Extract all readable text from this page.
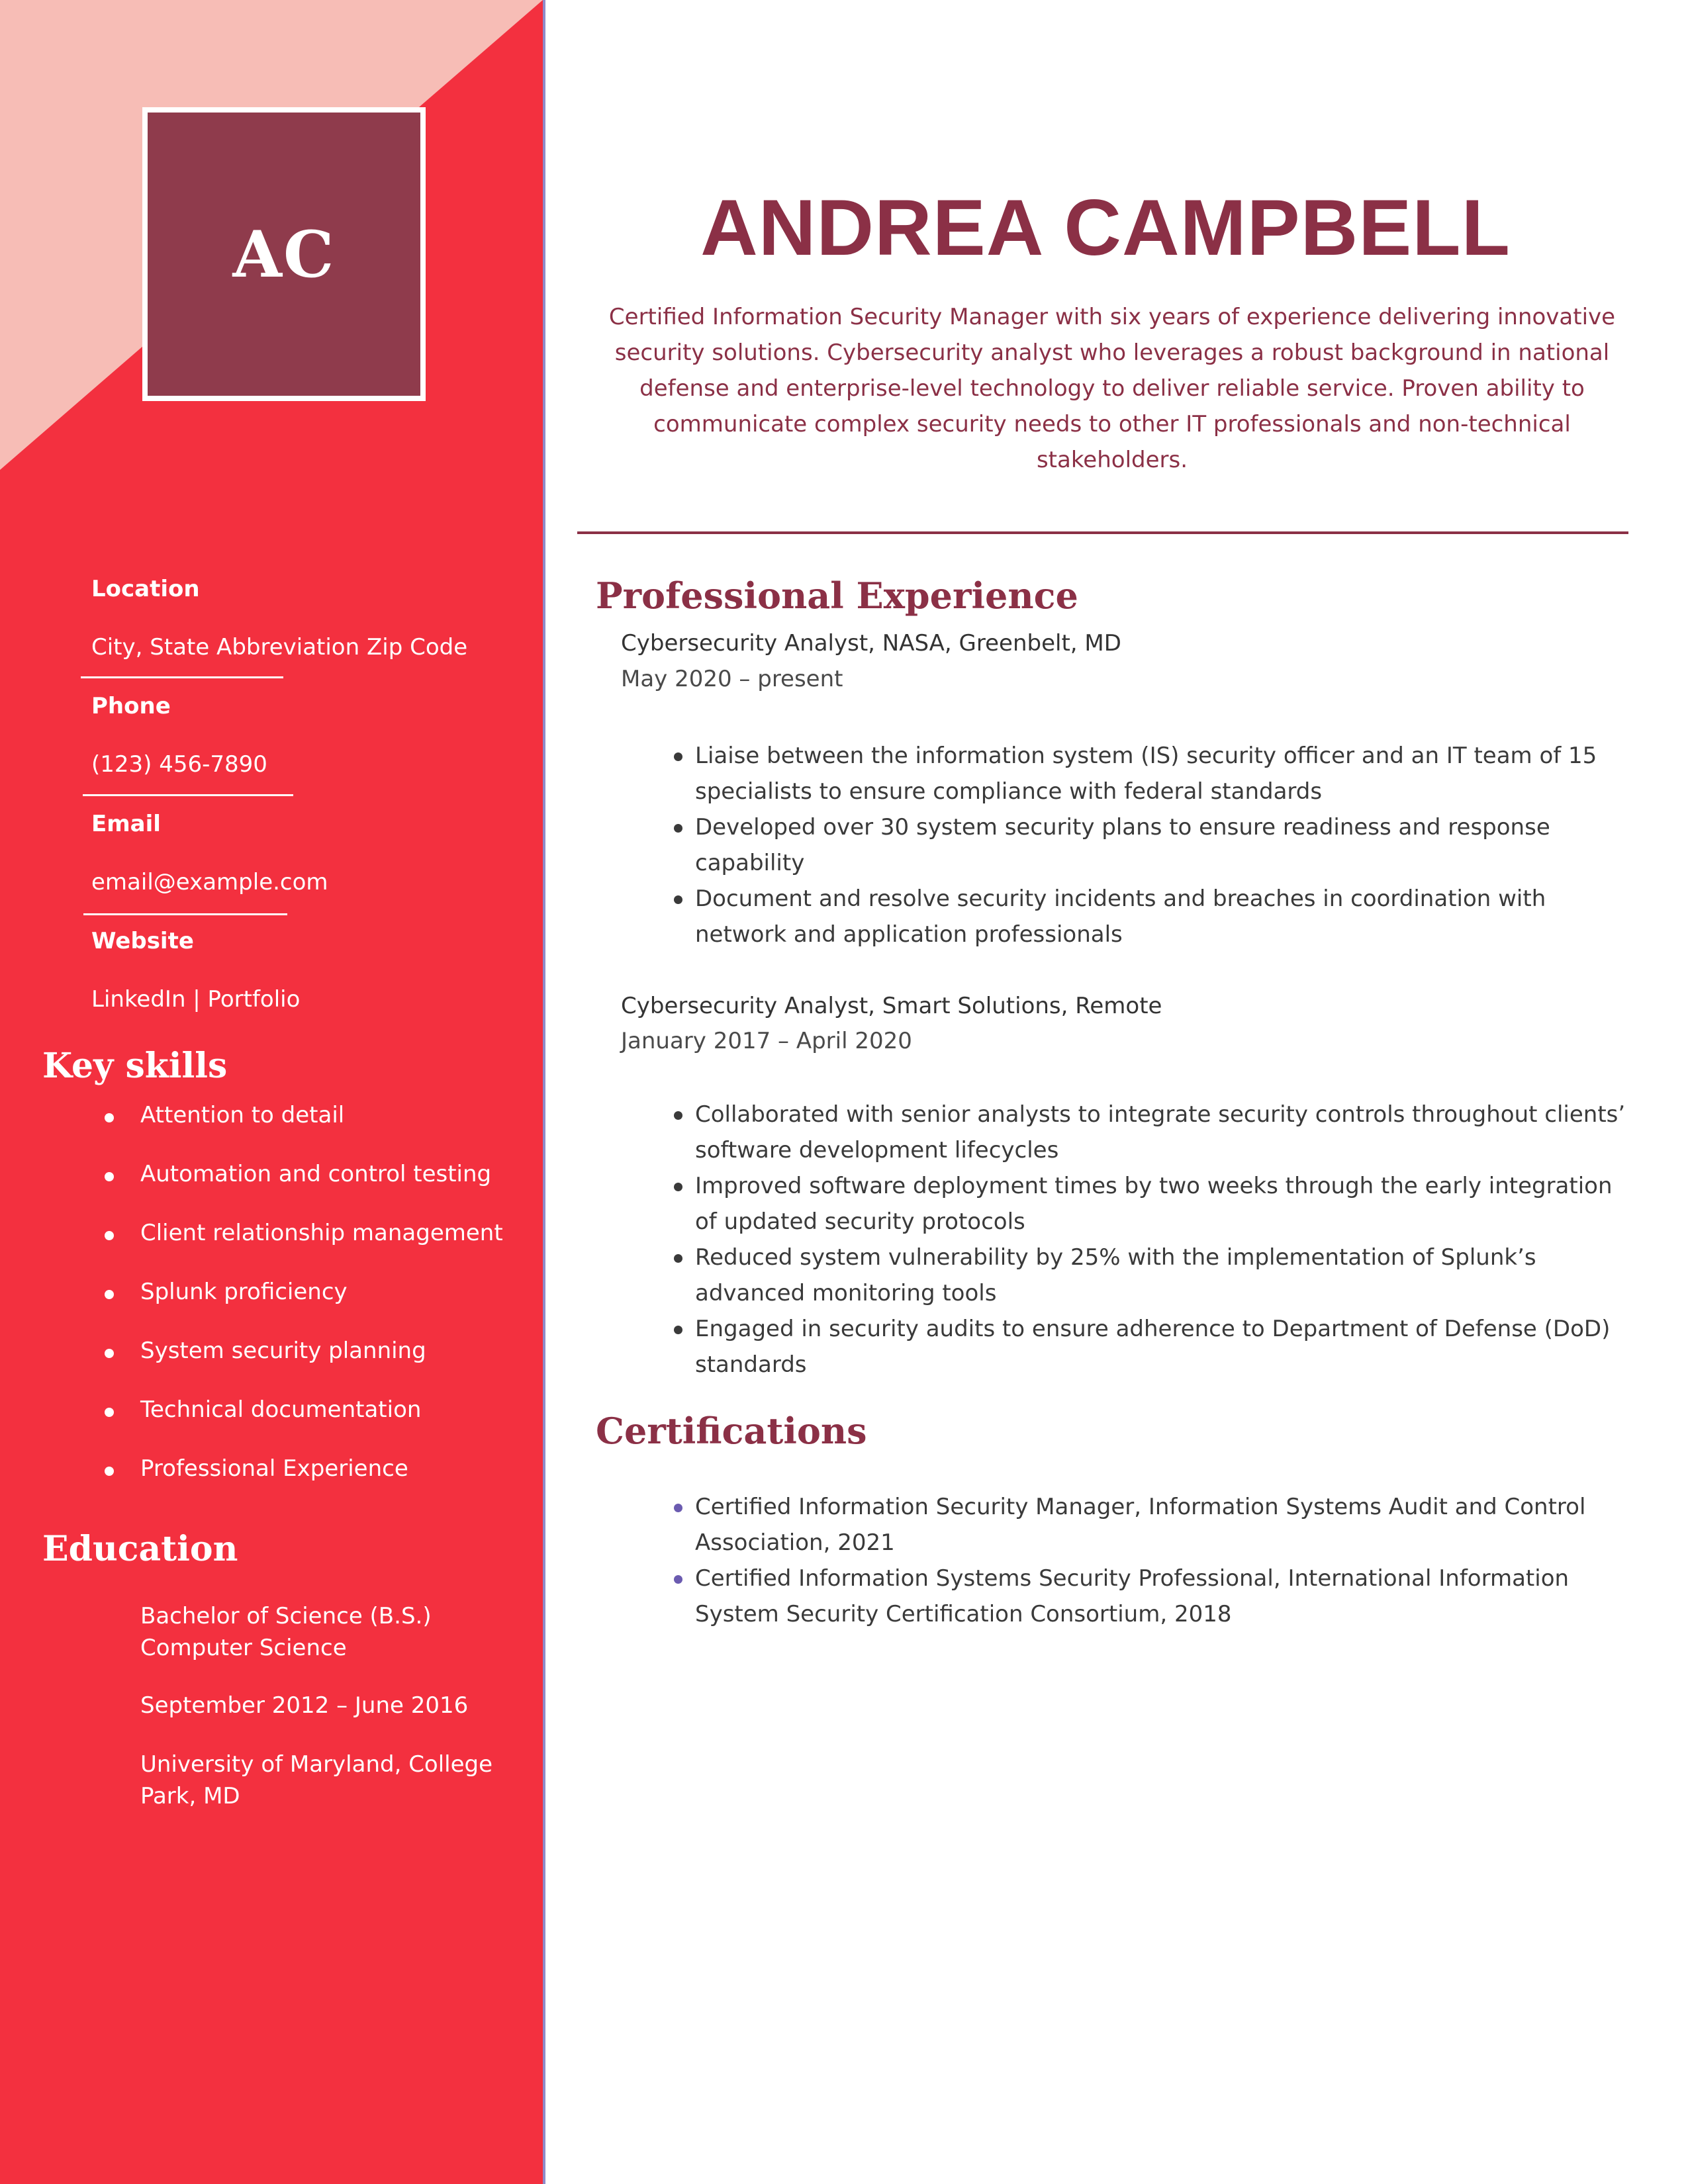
AC
Location
City, State Abbreviation Zip Code
Phone
(123) 456-7890
Email
email@example.com
Website
LinkedIn | Portfolio
Key skills
Attention to detail
Automation and control testing
Client relationship management
Splunk proficiency
System security planning
Technical documentation
Professional Experience
Education
Bachelor of Science (B.S.)
Computer Science
September 2012 – June 2016
University of Maryland, College Park, MD
ANDREA CAMPBELL
Certified Information Security Manager with six years of experience delivering innovative security solutions. Cybersecurity analyst who leverages a robust background in national defense and enterprise-level technology to deliver reliable service. Proven ability to communicate complex security needs to other IT professionals and non-technical stakeholders.
Professional Experience
Cybersecurity Analyst, NASA, Greenbelt, MD
May 2020 – present
Liaise between the information system (IS) security officer and an IT team of 15 specialists to ensure compliance with federal standards
Developed over 30 system security plans to ensure readiness and response capability
Document and resolve security incidents and breaches in coordination with network and application professionals
Cybersecurity Analyst, Smart Solutions, Remote
January 2017 – April 2020
Collaborated with senior analysts to integrate security controls throughout clients’ software development lifecycles
Improved software deployment times by two weeks through the early integration of updated security protocols
Reduced system vulnerability by 25% with the implementation of Splunk’s advanced monitoring tools
Engaged in security audits to ensure adherence to Department of Defense (DoD) standards
Certifications
Certified Information Security Manager, Information Systems Audit and Control Association, 2021
Certified Information Systems Security Professional, International Information System Security Certification Consortium, 2018
